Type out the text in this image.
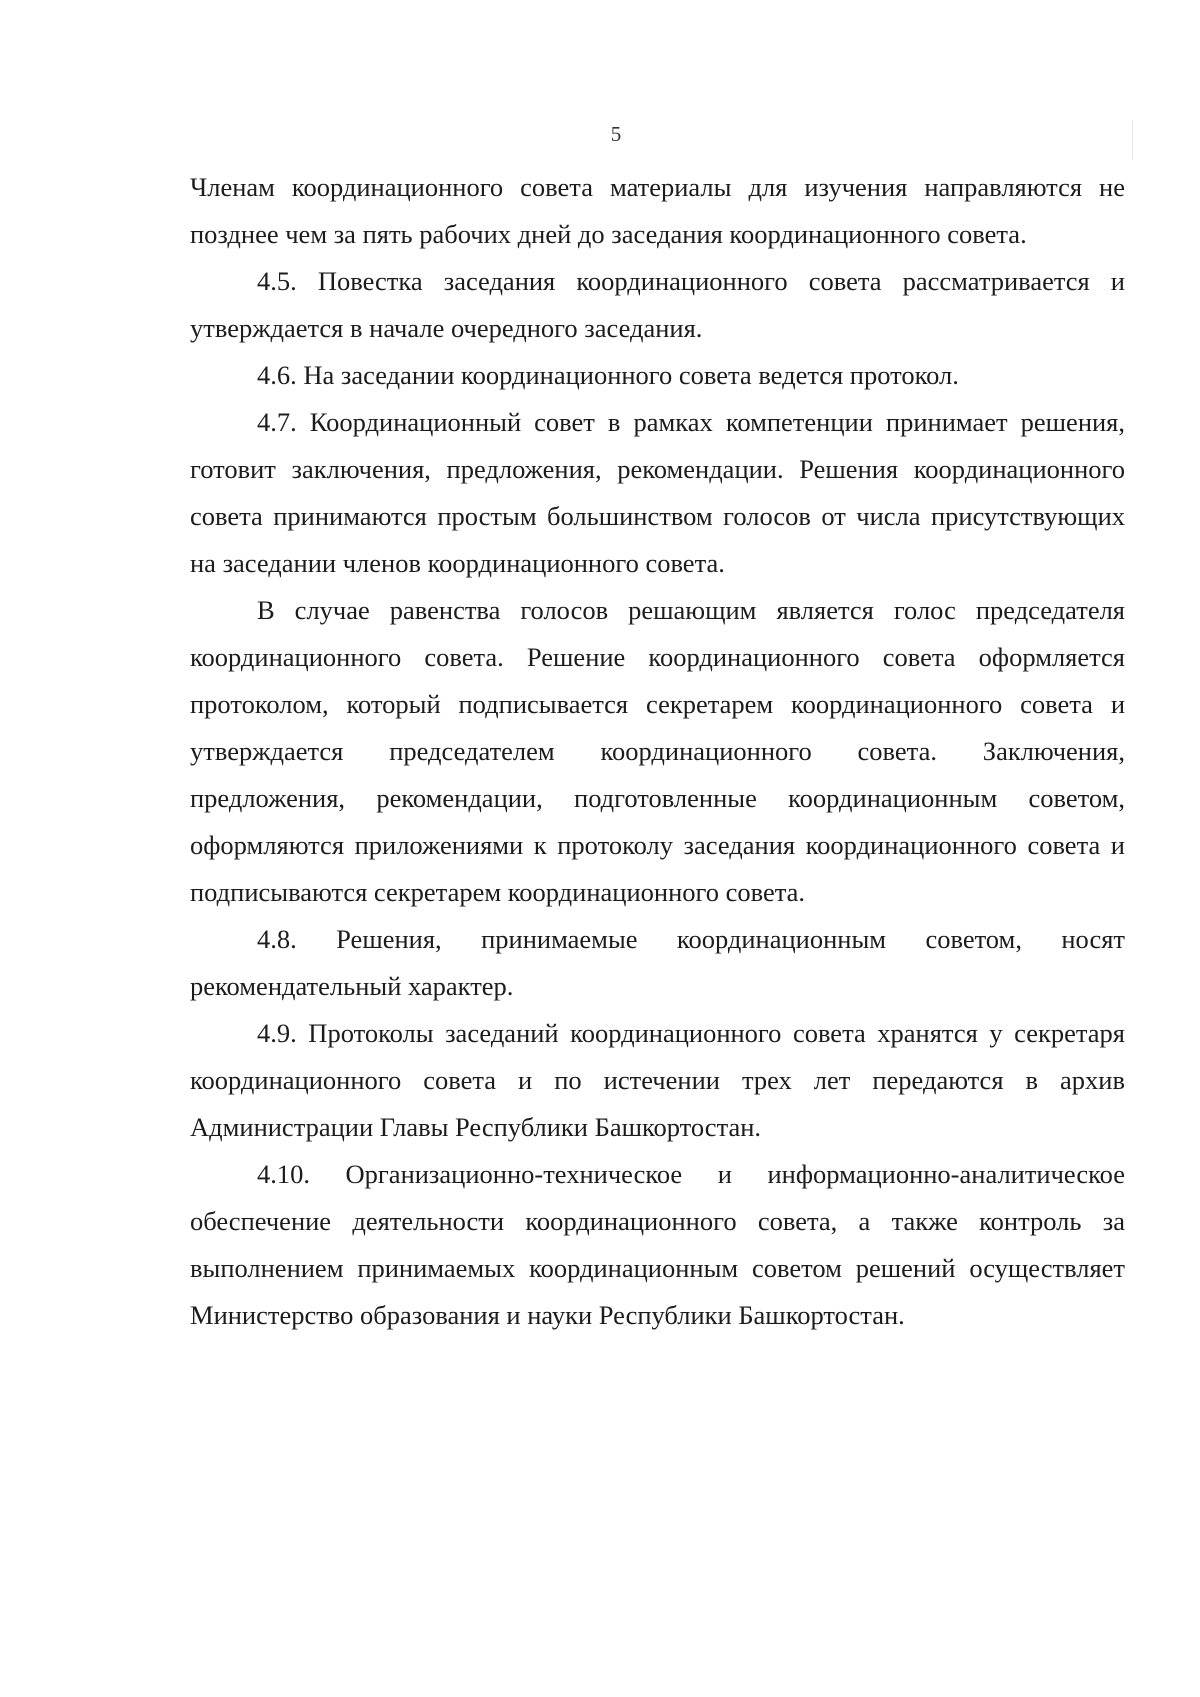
5

Членам координационного совета материалы для изучения направляются не позднее чем за пять рабочих дней до заседания координационного совета.

4.5. Повестка заседания координационного совета рассматривается и утверждается в начале очередного заседания.

4.6. На заседании координационного совета ведется протокол.

4.7. Координационный совет в рамках компетенции принимает решения, готовит заключения, предложения, рекомендации. Решения координационного совета принимаются простым большинством голосов от числа присутствующих на заседании членов координационного совета.

В случае равенства голосов решающим является голос председателя координационного совета. Решение координационного совета оформляется протоколом, который подписывается секретарем координационного совета и утверждается председателем координационного совета. Заключения, предложения, рекомендации, подготовленные координационным советом, оформляются приложениями к протоколу заседания координационного совета и подписываются секретарем координационного совета.

4.8. Решения, принимаемые координационным советом, носят рекомендательный характер.

4.9. Протоколы заседаний координационного совета хранятся у секретаря координационного совета и по истечении трех лет передаются в архив Администрации Главы Республики Башкортостан.

4.10. Организационно-техническое и информационно-аналитическое обеспечение деятельности координационного совета, а также контроль за выполнением принимаемых координационным советом решений осуществляет Министерство образования и науки Республики Башкортостан.
